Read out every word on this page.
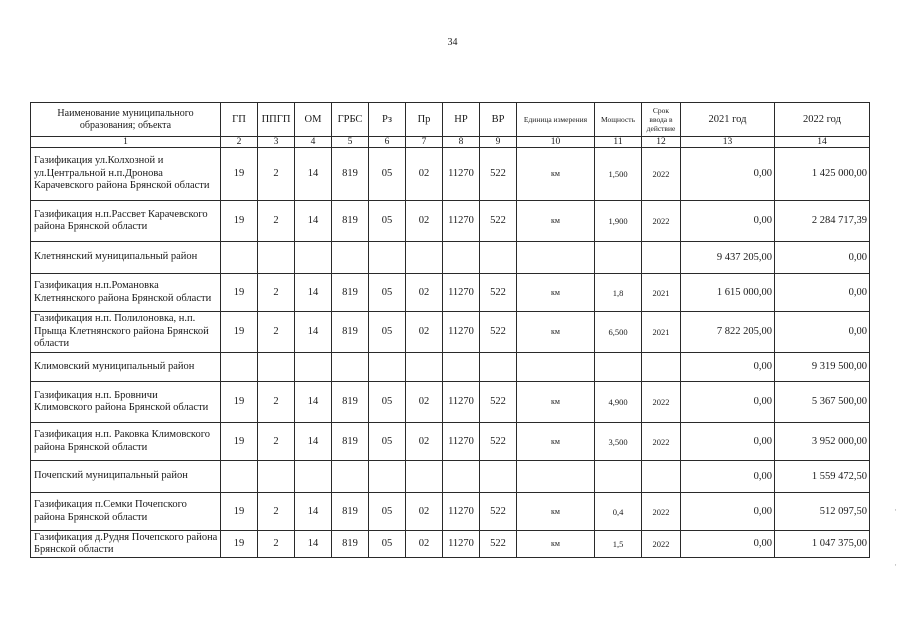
34
Наименование муниципального образования; объекта	ГП	ППГП	ОМ	ГРБС	Рз	Пр	НР	ВР	Единица измерения	Мощность	Срок ввода в действие	2021 год	2022 год
1	2	3	4	5	6	7	8	9	10	11	12	13	14
Газификация ул.Колхозной и ул.Центральной н.п.Дронова Карачевского района Брянской области	19	2	14	819	05	02	11270	522	км	1,500	2022	0,00	1 425 000,00
Газификация н.п.Рассвет Карачевского района Брянской области	19	2	14	819	05	02	11270	522	км	1,900	2022	0,00	2 284 717,39
Клетнянский муниципальный район												9 437 205,00	0,00
Газификация н.п.Романовка Клетнянского района Брянской области	19	2	14	819	05	02	11270	522	км	1,8	2021	1 615 000,00	0,00
Газификация н.п. Полилоновка, н.п. Прыща Клетнянского района Брянской области	19	2	14	819	05	02	11270	522	км	6,500	2021	7 822 205,00	0,00
Климовский муниципальный район												0,00	9 319 500,00
Газификация н.п. Бровничи Климовского района Брянской области	19	2	14	819	05	02	11270	522	км	4,900	2022	0,00	5 367 500,00
Газификация н.п. Раковка Климовского района Брянской области	19	2	14	819	05	02	11270	522	км	3,500	2022	0,00	3 952 000,00
Почепский муниципальный район												0,00	1 559 472,50
Газификация п.Семки Почепского района Брянской области	19	2	14	819	05	02	11270	522	км	0,4	2022	0,00	512 097,50
Газификация д.Рудня Почепского района Брянской области	19	2	14	819	05	02	11270	522	км	1,5	2022	0,00	1 047 375,00
·
·
